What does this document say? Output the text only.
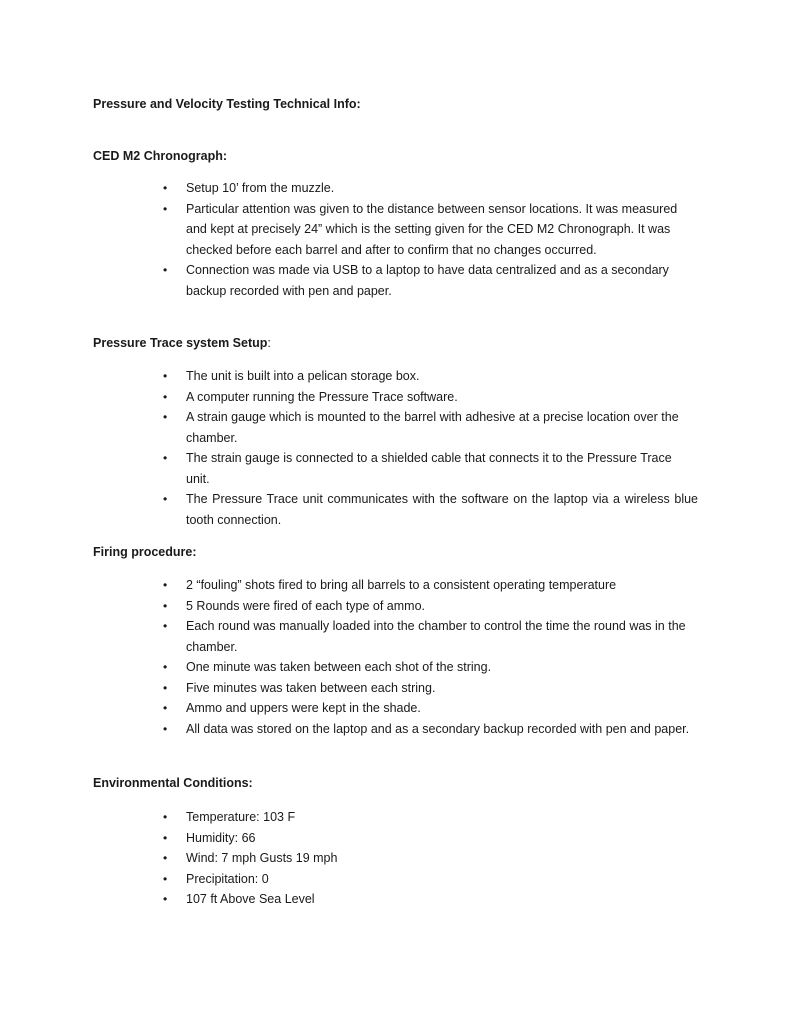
Pressure and Velocity Testing Technical Info:
CED M2 Chronograph:
• Setup 10’ from the muzzle.
• Particular attention was given to the distance between sensor locations. It was measured and kept at precisely 24” which is the setting given for the CED M2 Chronograph. It was checked before each barrel and after to confirm that no changes occurred.
• Connection was made via USB to a laptop to have data centralized and as a secondary backup recorded with pen and paper.
Pressure Trace system Setup:
• The unit is built into a pelican storage box.
• A computer running the Pressure Trace software.
• A strain gauge which is mounted to the barrel with adhesive at a precise location over the chamber.
• The strain gauge is connected to a shielded cable that connects it to the Pressure Trace unit.
• The Pressure Trace unit communicates with the software on the laptop via a wireless blue tooth connection.
Firing procedure:
• 2 “fouling” shots fired to bring all barrels to a consistent operating temperature
• 5 Rounds were fired of each type of ammo.
• Each round was manually loaded into the chamber to control the time the round was in the chamber.
• One minute was taken between each shot of the string.
• Five minutes was taken between each string.
• Ammo and uppers were kept in the shade.
• All data was stored on the laptop and as a secondary backup recorded with pen and paper.
Environmental Conditions:
• Temperature: 103 F
• Humidity: 66
• Wind: 7 mph Gusts 19 mph
• Precipitation: 0
• 107 ft Above Sea Level
